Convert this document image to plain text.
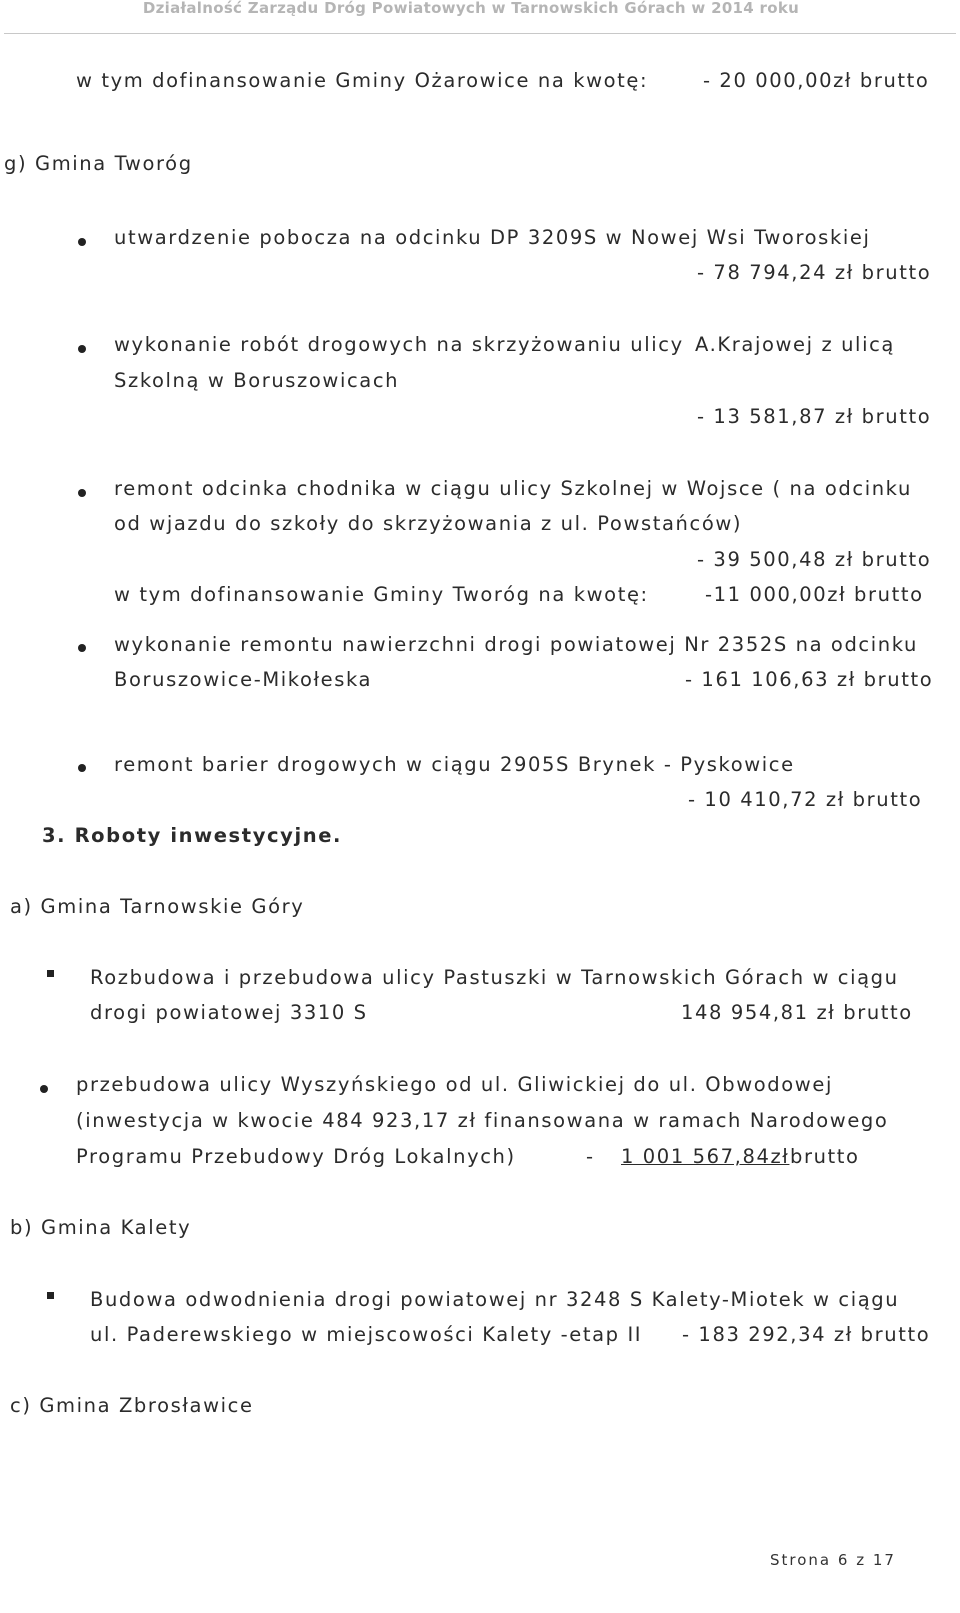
Działalność Zarządu Dróg Powiatowych w Tarnowskich Górach w 2014 roku
w tym dofinansowanie Gminy Ożarowice na kwotę:	- 20 000,00zł brutto
g) Gmina Tworóg
utwardzenie pobocza na odcinku DP 3209S w Nowej Wsi Tworoskiej
- 78 794,24 zł brutto
wykonanie robót drogowych na skrzyżowaniu ulicy A.Krajowej z ulicą
Szkolną w Boruszowicach
- 13 581,87 zł brutto
remont odcinka chodnika w ciągu ulicy Szkolnej w Wojsce ( na odcinku
od wjazdu do szkoły do skrzyżowania z ul. Powstańców)
- 39 500,48 zł brutto
w tym dofinansowanie Gminy Tworóg na kwotę:	-11 000,00zł brutto
wykonanie remontu nawierzchni drogi powiatowej Nr 2352S na odcinku
Boruszowice-Mikołeska	- 161 106,63 zł brutto
remont barier drogowych w ciągu 2905S Brynek - Pyskowice
- 10 410,72 zł brutto
3. Roboty inwestycyjne.
a) Gmina Tarnowskie Góry
Rozbudowa i przebudowa ulicy Pastuszki w Tarnowskich Górach w ciągu
drogi powiatowej 3310 S	148 954,81 zł brutto
przebudowa ulicy Wyszyńskiego od ul. Gliwickiej do ul. Obwodowej
(inwestycja w kwocie 484 923,17 zł finansowana w ramach Narodowego
Programu Przebudowy Dróg Lokalnych)	- 1 001 567,84zł brutto
b) Gmina Kalety
Budowa odwodnienia drogi powiatowej nr 3248 S Kalety-Miotek w ciągu
ul. Paderewskiego w miejscowości Kalety -etap II - 183 292,34 zł brutto
c) Gmina Zbrosławice
Strona 6 z 17
